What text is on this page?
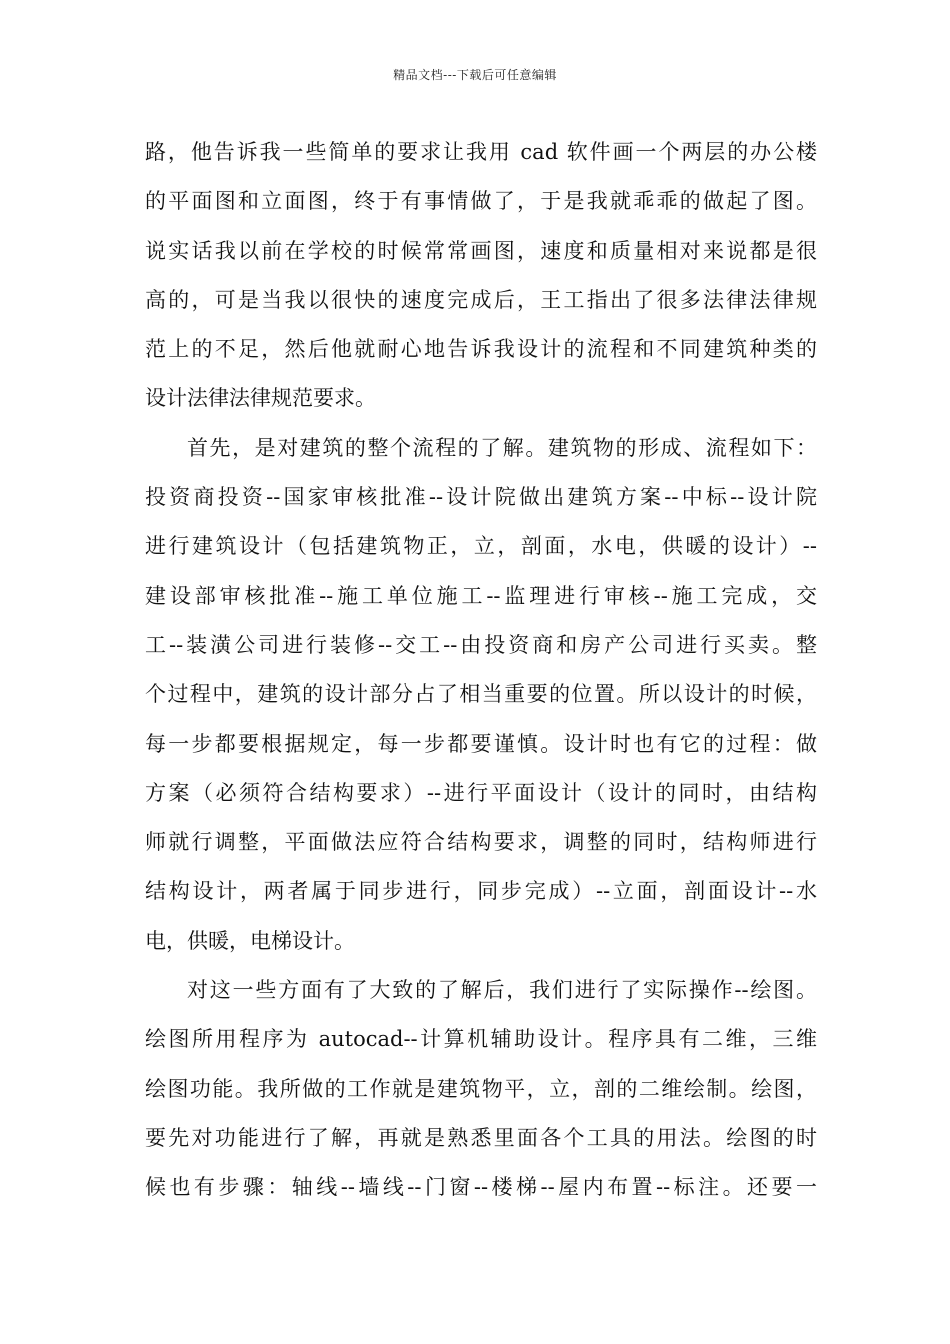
精品文档---下载后可任意编辑
路，他告诉我一些简单的要求让我用 cad 软件画一个两层的办公楼
的平面图和立面图，终于有事情做了，于是我就乖乖的做起了图。
说实话我以前在学校的时候常常画图，速度和质量相对来说都是很
高的，可是当我以很快的速度完成后，王工指出了很多法律法律规
范上的不足，然后他就耐心地告诉我设计的流程和不同建筑种类的
设计法律法律规范要求。
首先，是对建筑的整个流程的了解。建筑物的形成、流程如下：
投资商投资--国家审核批准--设计院做出建筑方案--中标--设计院
进行建筑设计（包括建筑物正，立，剖面，水电，供暖的设计）--
建设部审核批准--施工单位施工--监理进行审核--施工完成，交
工--装潢公司进行装修--交工--由投资商和房产公司进行买卖。整
个过程中，建筑的设计部分占了相当重要的位置。所以设计的时候，
每一步都要根据规定，每一步都要谨慎。设计时也有它的过程：做
方案（必须符合结构要求）--进行平面设计（设计的同时，由结构
师就行调整，平面做法应符合结构要求，调整的同时，结构师进行
结构设计，两者属于同步进行，同步完成）--立面，剖面设计--水
电，供暖，电梯设计。
对这一些方面有了大致的了解后，我们进行了实际操作--绘图。
绘图所用程序为 autocad--计算机辅助设计。程序具有二维，三维
绘图功能。我所做的工作就是建筑物平，立，剖的二维绘制。绘图，
要先对功能进行了解，再就是熟悉里面各个工具的用法。绘图的时
候也有步骤：轴线--墙线--门窗--楼梯--屋内布置--标注。还要一
